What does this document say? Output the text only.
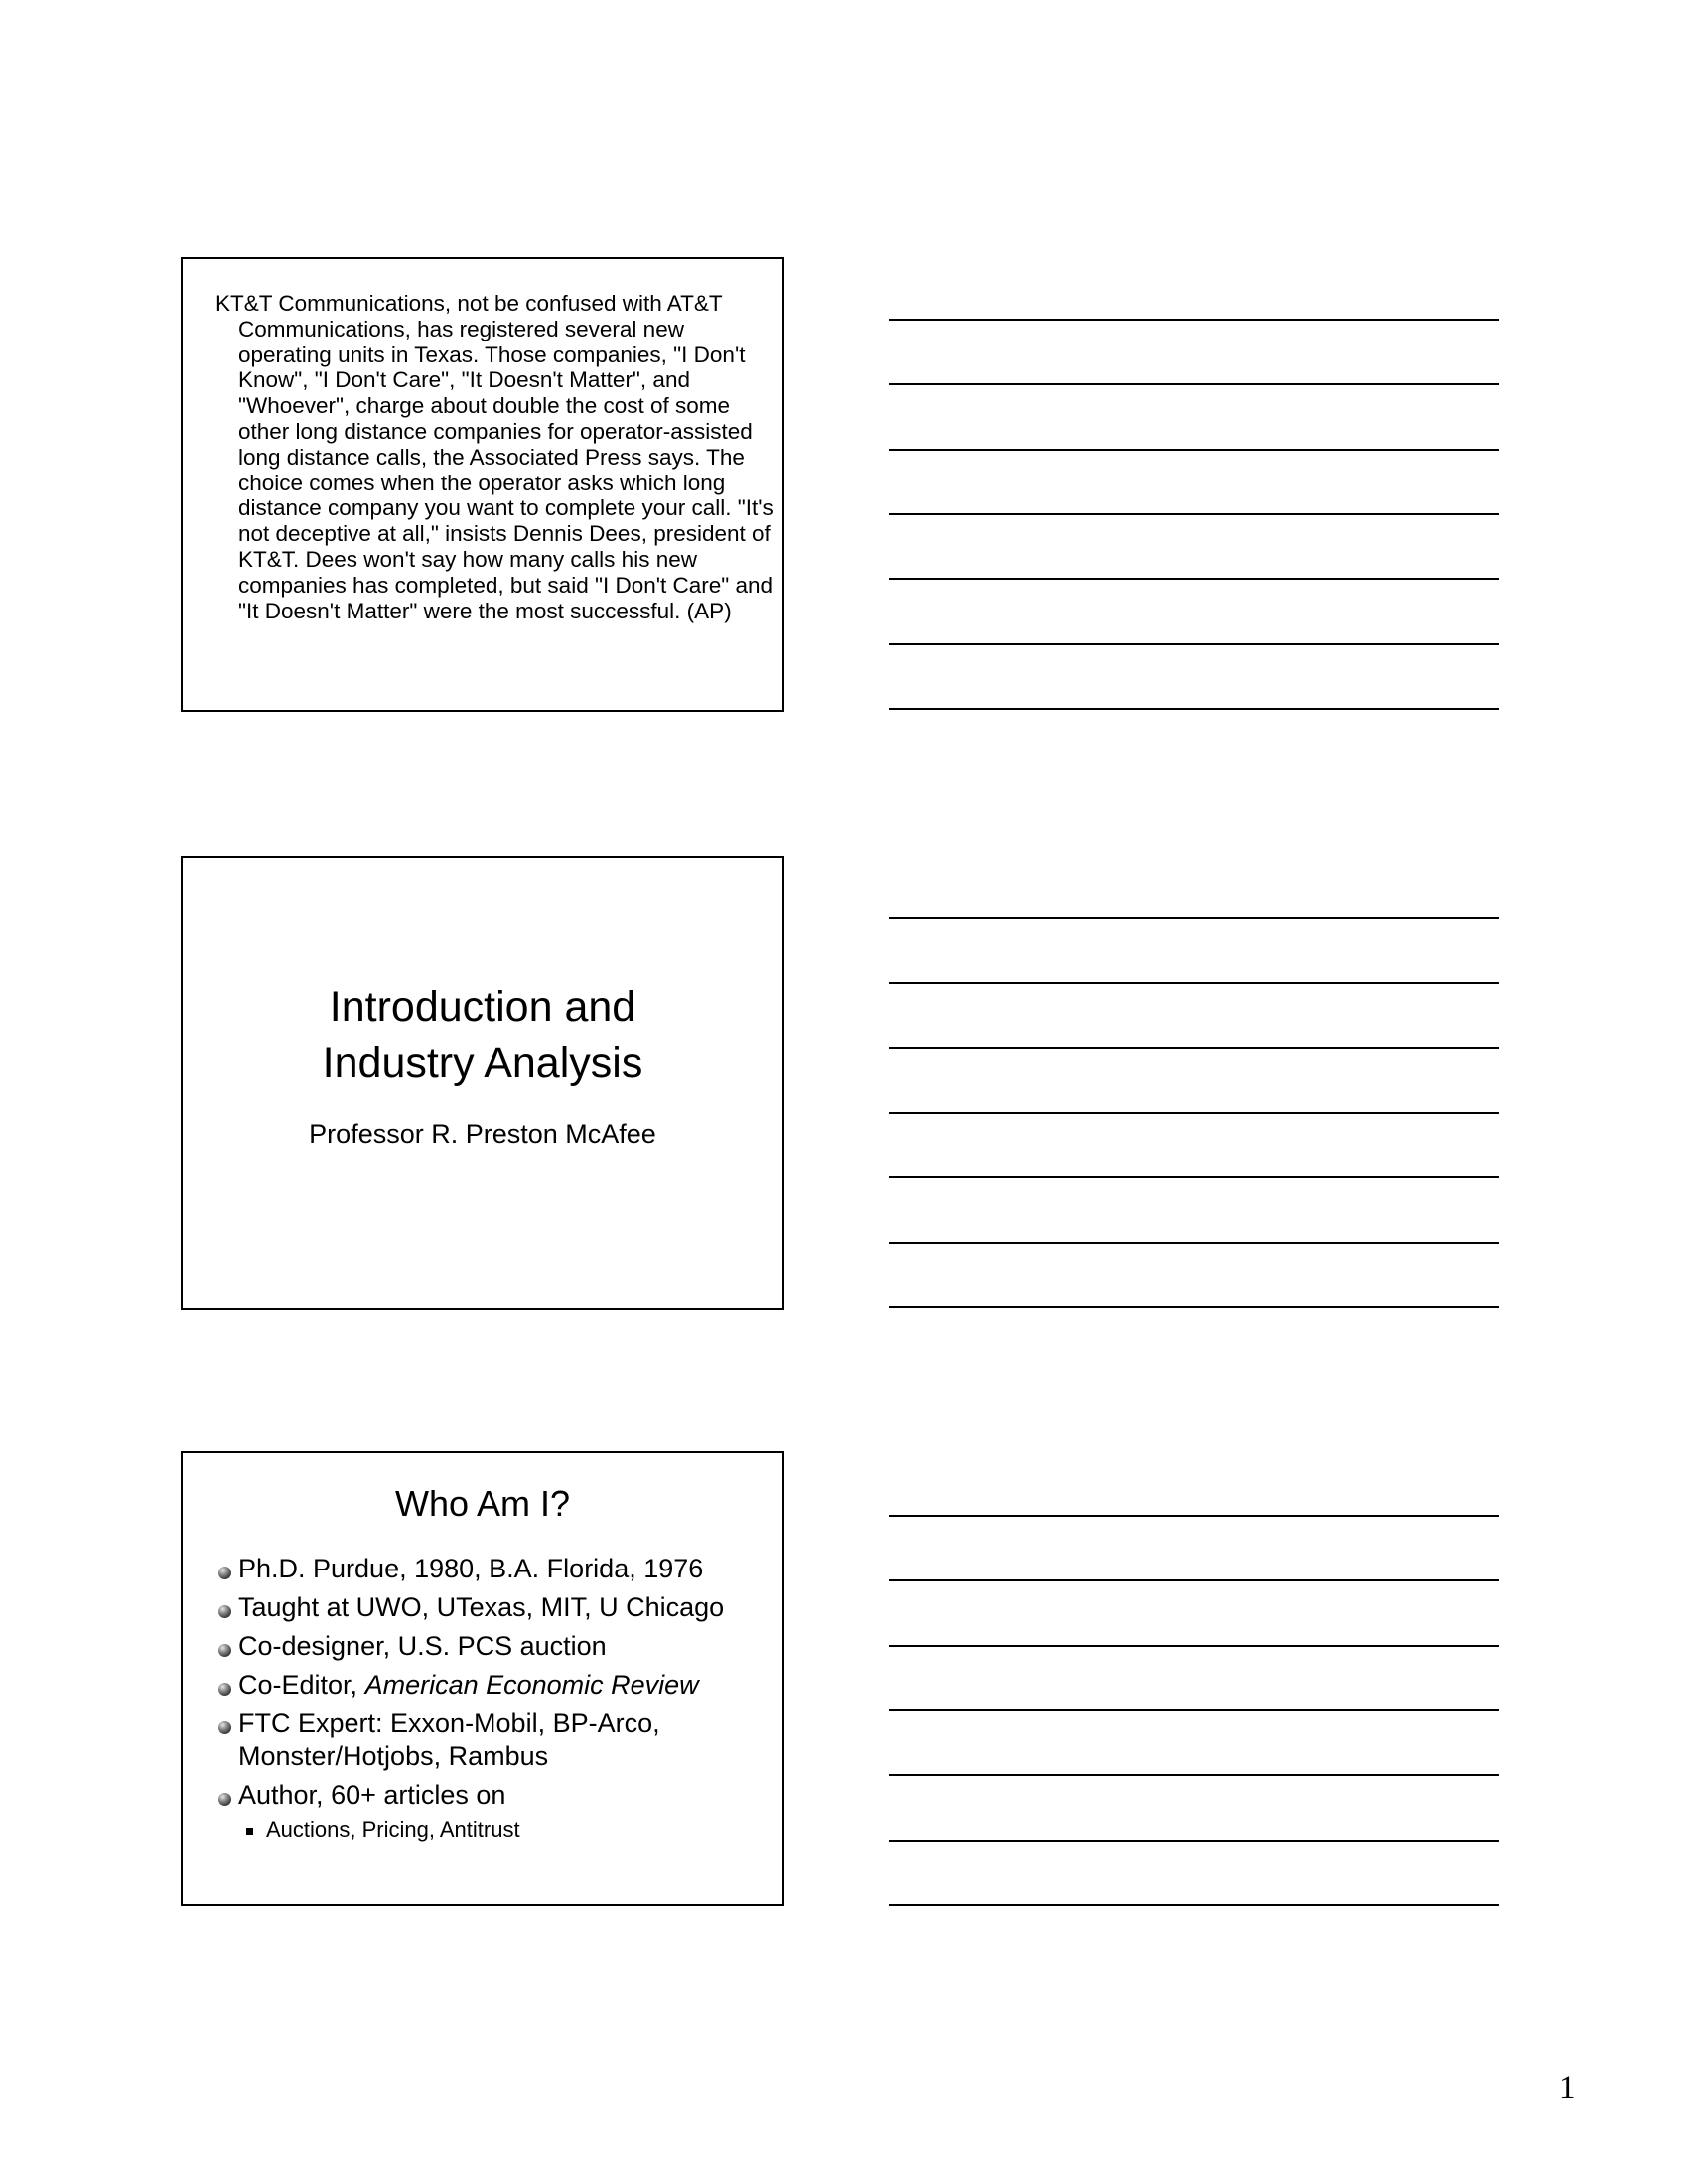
KT&T Communications, not be confused with AT&T Communications, has registered several new operating units in Texas. Those companies, "I Don't Know", "I Don't Care", "It Doesn't Matter", and "Whoever", charge about double the cost of some other long distance companies for operator-assisted long distance calls, the Associated Press says. The choice comes when the operator asks which long distance company you want to complete your call. "It's not deceptive at all," insists Dennis Dees, president of KT&T. Dees won't say how many calls his new companies has completed, but said "I Don't Care" and "It Doesn't Matter" were the most successful. (AP)

Introduction and
Industry Analysis

Professor R. Preston McAfee

Who Am I?
Ph.D. Purdue, 1980, B.A. Florida, 1976
Taught at UWO, UTexas, MIT, U Chicago
Co-designer, U.S. PCS auction
Co-Editor, American Economic Review
FTC Expert: Exxon-Mobil, BP-Arco, Monster/Hotjobs, Rambus
Author, 60+ articles on
Auctions, Pricing, Antitrust
1
